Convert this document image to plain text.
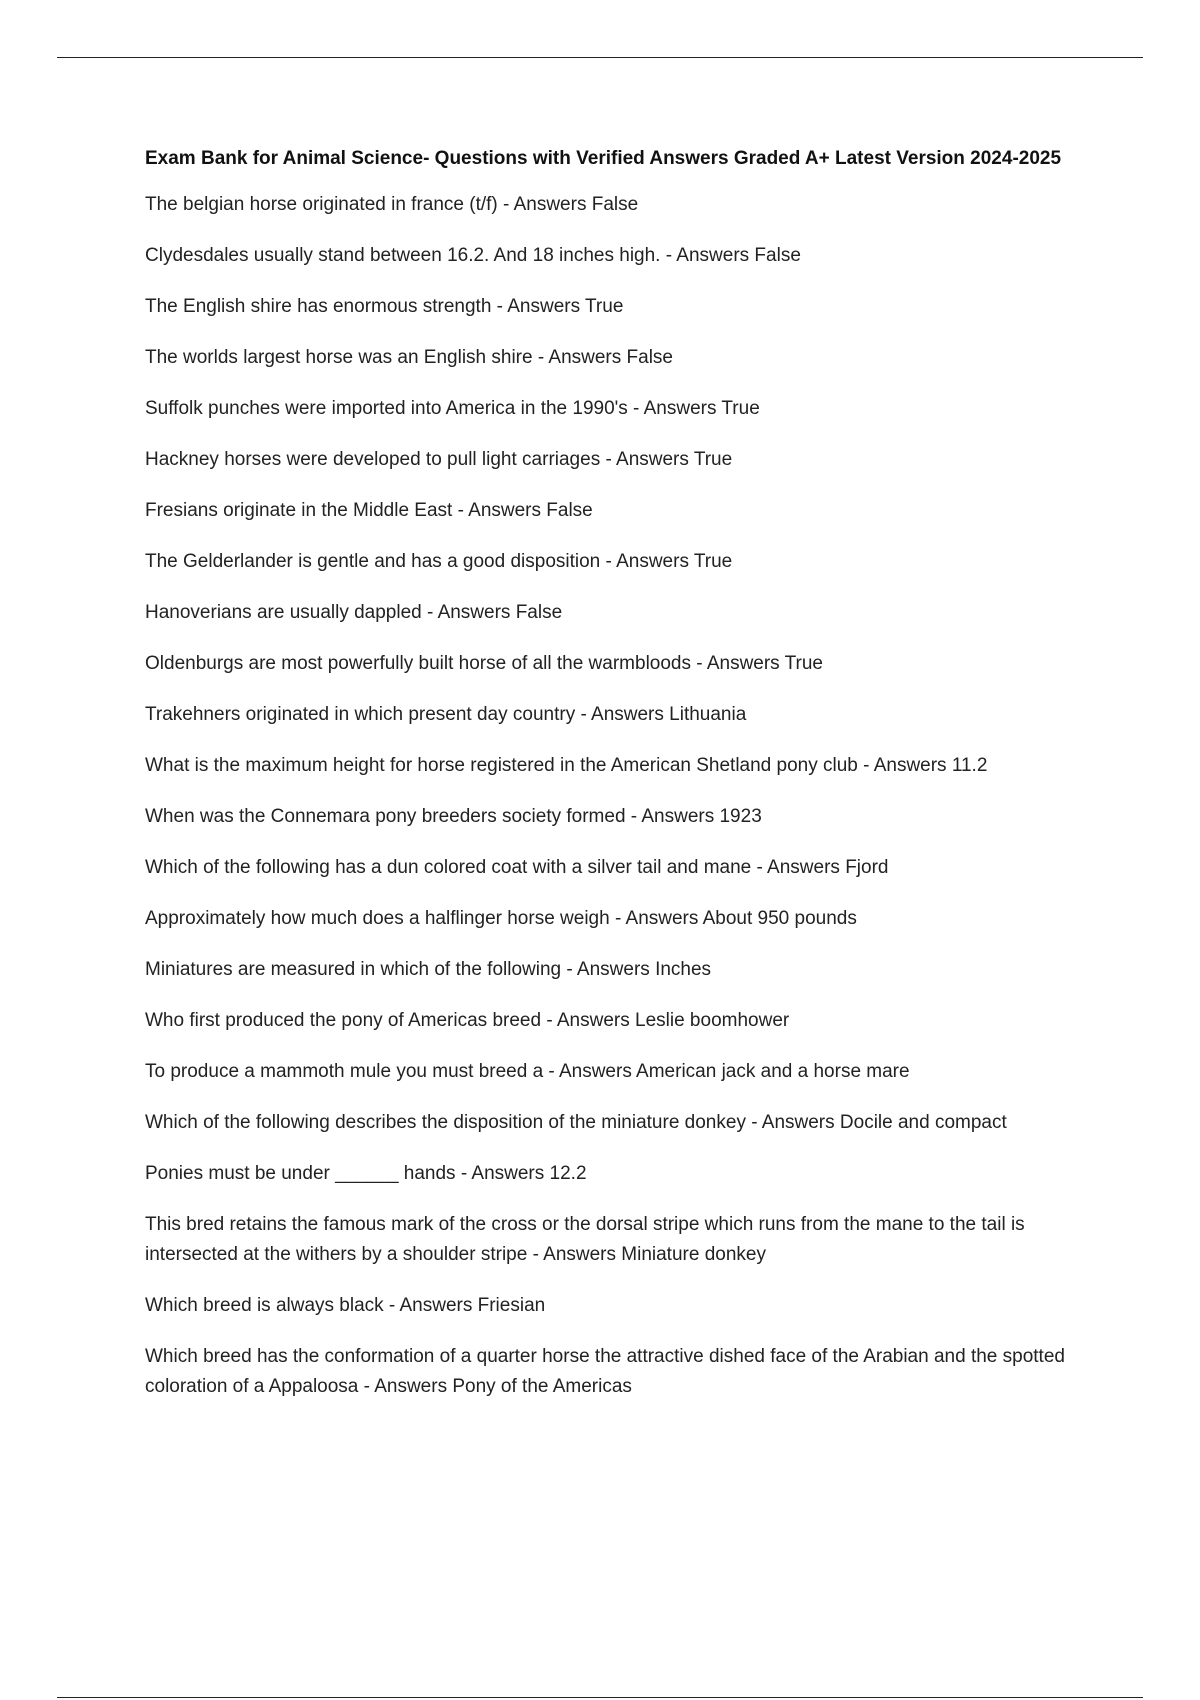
Exam Bank for Animal Science- Questions with Verified Answers Graded A+ Latest Version 2024-2025
The belgian horse originated in france (t/f) - Answers False
Clydesdales usually stand between 16.2. And 18 inches high. - Answers False
The English shire has enormous strength - Answers True
The worlds largest horse was an English shire - Answers False
Suffolk punches were imported into America in the 1990's - Answers True
Hackney horses were developed to pull light carriages - Answers True
Fresians originate in the Middle East - Answers False
The Gelderlander is gentle and has a good disposition - Answers True
Hanoverians are usually dappled - Answers False
Oldenburgs are most powerfully built horse of all the warmbloods - Answers True
Trakehners originated in which present day country - Answers Lithuania
What is the maximum height for horse registered in the American Shetland pony club - Answers 11.2
When was the Connemara pony breeders society formed - Answers 1923
Which of the following has a dun colored coat with a silver tail and mane - Answers Fjord
Approximately how much does a halflinger horse weigh - Answers About 950 pounds
Miniatures are measured in which of the following - Answers Inches
Who first produced the pony of Americas breed - Answers Leslie boomhower
To produce a mammoth mule you must breed a - Answers American jack and a horse mare
Which of the following describes the disposition of the miniature donkey - Answers Docile and compact
Ponies must be under ______ hands - Answers 12.2
This bred retains the famous mark of the cross or the dorsal stripe which runs from the mane to the tail is intersected at the withers by a shoulder stripe - Answers Miniature donkey
Which breed is always black - Answers Friesian
Which breed has the conformation of a quarter horse the attractive dished face of the Arabian and the spotted coloration of a Appaloosa - Answers Pony of the Americas
